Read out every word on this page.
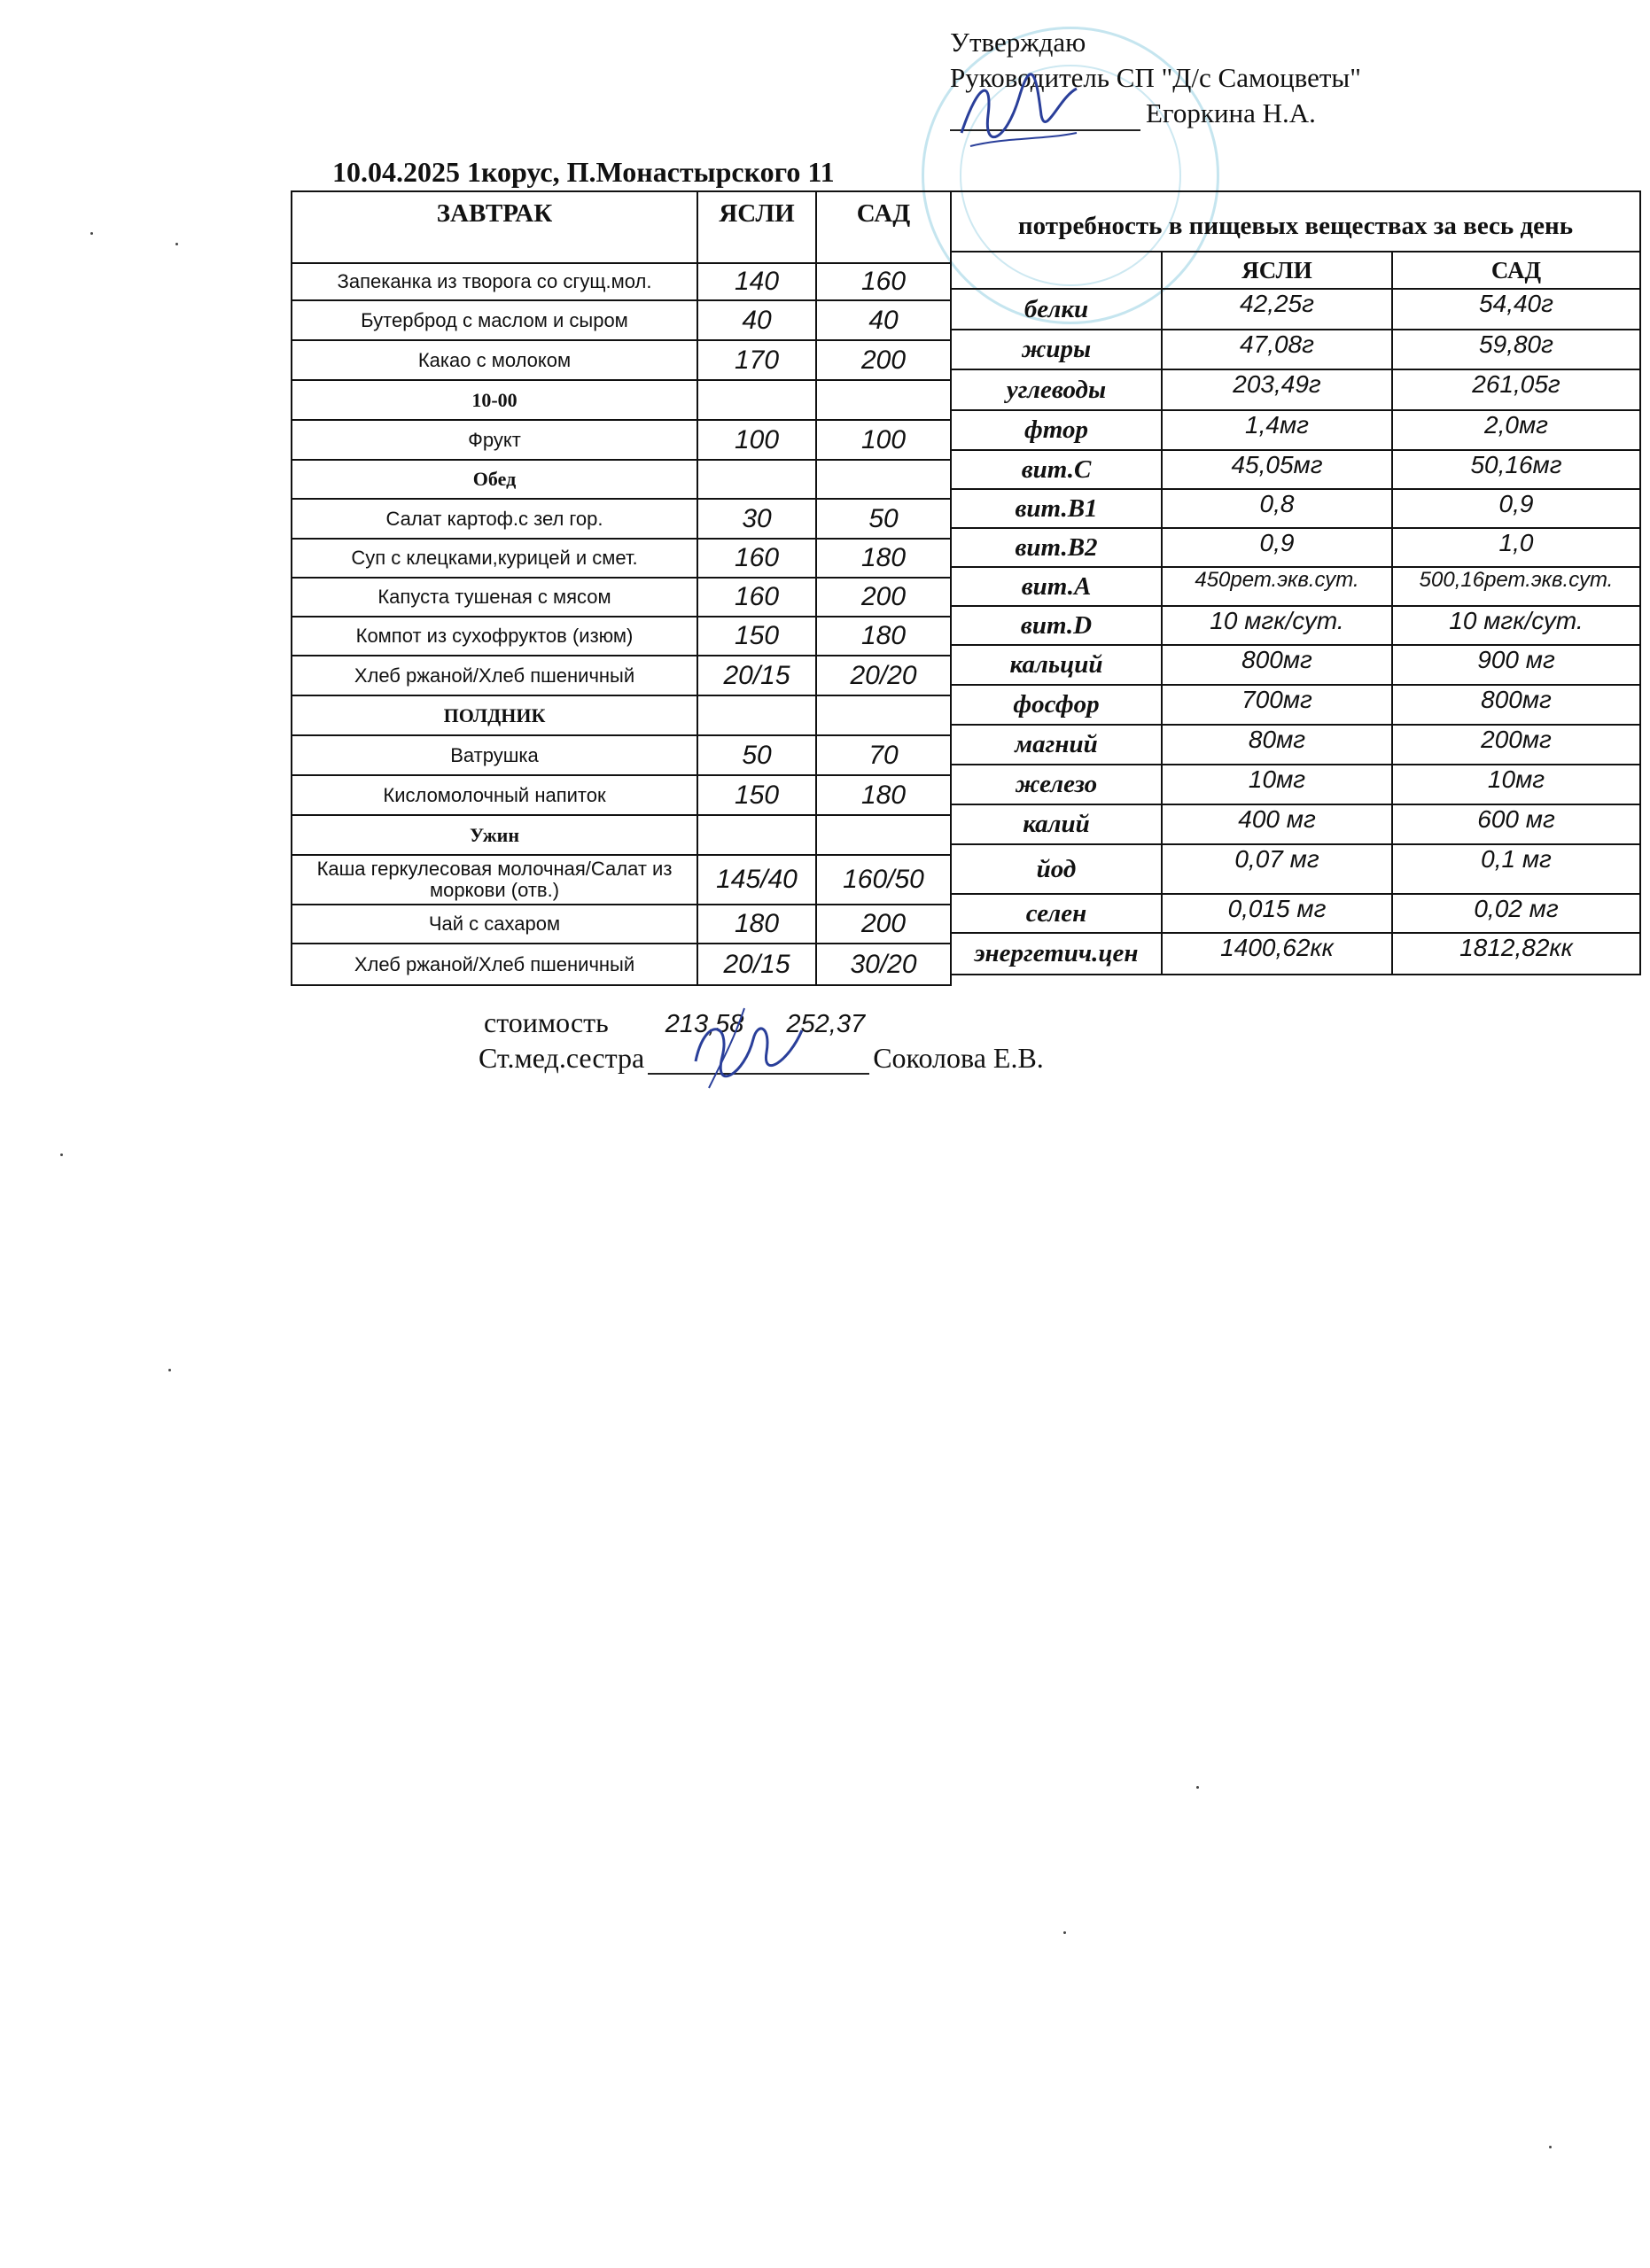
Утверждаю
Руководитель СП "Д/с Самоцветы"
Егоркина Н.А.
10.04.2025 1корус, П.Монастырского 11
ЗАВТРАК	ЯСЛИ	САД
Запеканка из творога со сгущ.мол.	140	160
Бутерброд с маслом и сыром	40	40
Какао с молоком	170	200
10-00		
Фрукт	100	100
Обед		
Салат картоф.с зел гор.	30	50
Суп с клецками,курицей и смет.	160	180
Капуста тушеная с мясом	160	200
Компот из сухофруктов (изюм)	150	180
Хлеб ржаной/Хлеб пшеничный	20/15	20/20
ПОЛДНИК		
Ватрушка	50	70
Кисломолочный напиток	150	180
Ужин		
Каша геркулесовая молочная/Салат из моркови (отв.)	145/40	160/50
Чай с сахаром	180	200
Хлеб ржаной/Хлеб пшеничный	20/15	30/20
потребность в пищевых веществах за весь день		
	ЯСЛИ	САД
белки	42,25г	54,40г
жиры	47,08г	59,80г
углеводы	203,49г	261,05г
фтор	1,4мг	2,0мг
вит.С	45,05мг	50,16мг
вит.В1	0,8	0,9
вит.В2	0,9	1,0
вит.А	450рет.экв.сут.	500,16рет.экв.сут.
вит.D	10 мгк/сут.	10 мгк/сут.
кальций	800мг	900 мг
фосфор	700мг	800мг
магний	80мг	200мг
железо	10мг	10мг
калий	400 мг	600 мг
йод	0,07 мг	0,1 мг
селен	0,015 мг	0,02 мг
энергетич.цен	1400,62кк	1812,82кк
стоимость 213,58 252,37
Ст.мед.сестра	Соколова Е.В.
